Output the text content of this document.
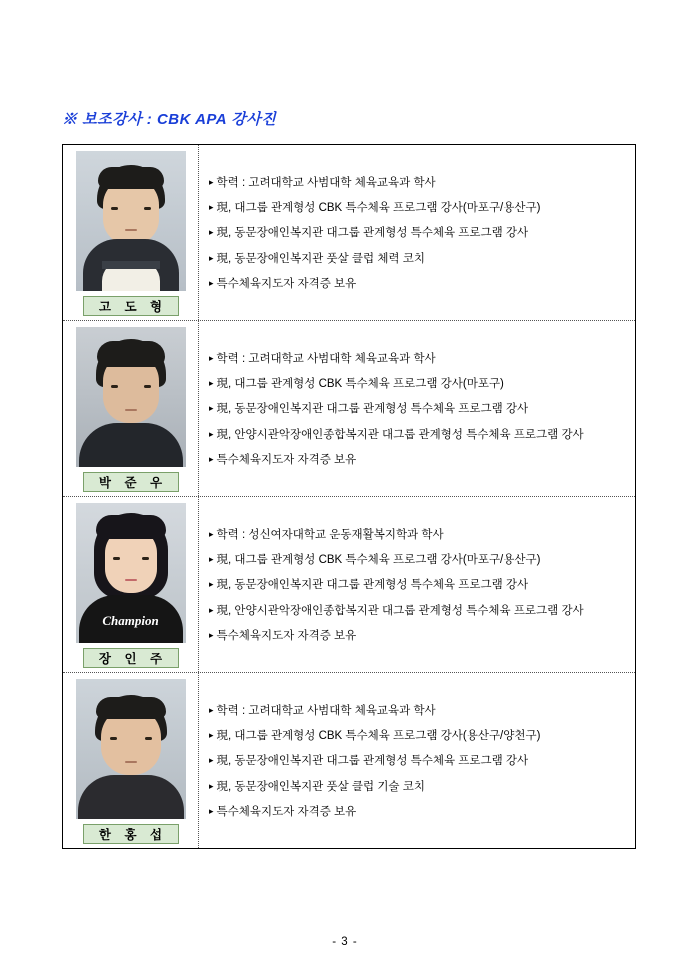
※ 보조강사 : CBK APA 강사진
고 도 형
▸ 학력 : 고려대학교 사범대학 체육교육과 학사
▸ 現, 대그룹 관계형성 CBK 특수체육 프로그램 강사(마포구/용산구)
▸ 現, 동문장애인복지관 대그룹 관계형성 특수체육 프로그램 강사
▸ 現, 동문장애인복지관 풋살 클럽 체력 코치
▸ 특수체육지도자 자격증 보유
박 준 우
▸ 학력 : 고려대학교 사범대학 체육교육과 학사
▸ 現, 대그룹 관계형성 CBK 특수체육 프로그램 강사(마포구)
▸ 現, 동문장애인복지관 대그룹 관계형성 특수체육 프로그램 강사
▸ 現, 안양시관악장애인종합복지관 대그룹 관계형성 특수체육 프로그램 강사
▸ 특수체육지도자 자격증 보유
Champion
장 인 주
▸ 학력 : 성신여자대학교 운동재활복지학과 학사
▸ 現, 대그룹 관계형성 CBK 특수체육 프로그램 강사(마포구/용산구)
▸ 現, 동문장애인복지관 대그룹 관계형성 특수체육 프로그램 강사
▸ 現, 안양시관악장애인종합복지관 대그룹 관계형성 특수체육 프로그램 강사
▸ 특수체육지도자 자격증 보유
한 홍 섭
▸ 학력 : 고려대학교 사범대학 체육교육과 학사
▸ 現, 대그룹 관계형성 CBK 특수체육 프로그램 강사(용산구/양천구)
▸ 現, 동문장애인복지관 대그룹 관계형성 특수체육 프로그램 강사
▸ 現, 동문장애인복지관 풋살 클럽 기술 코치
▸ 특수체육지도자 자격증 보유
- 3 -
